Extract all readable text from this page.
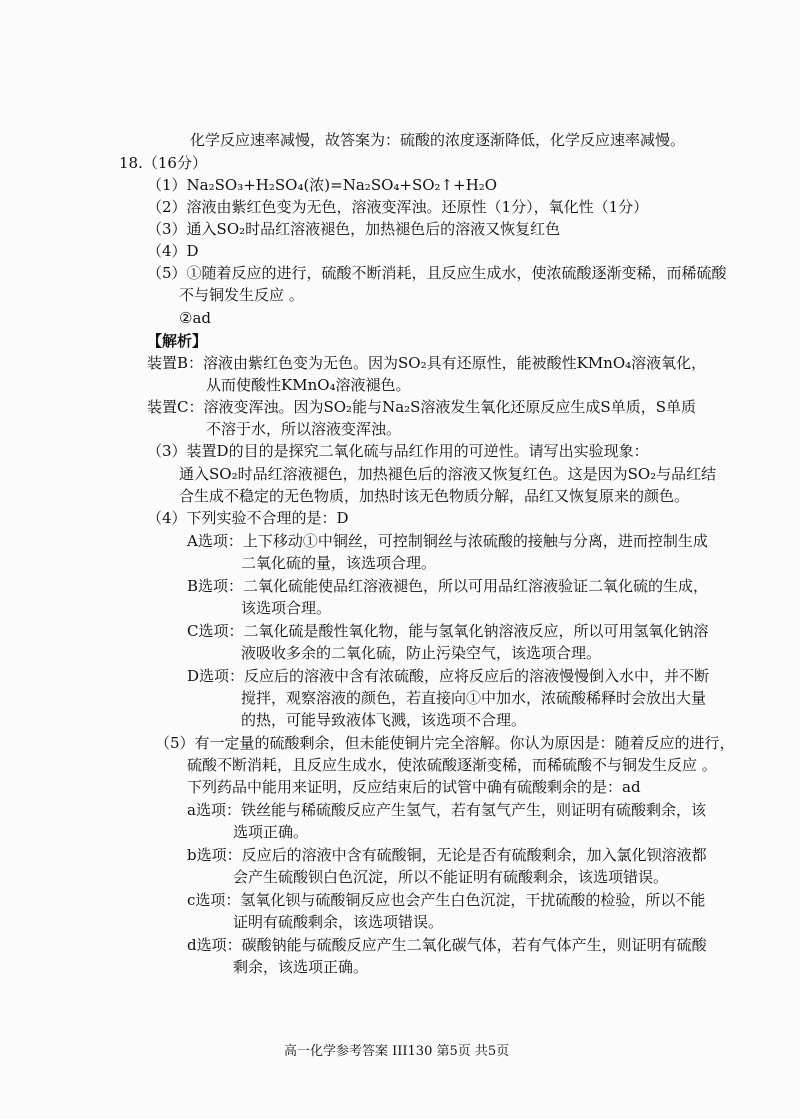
化学反应速率减慢，故答案为：硫酸的浓度逐渐降低，化学反应速率减慢。
18.（16分）
（1）Na₂SO₃+H₂SO₄(浓)=Na₂SO₄+SO₂↑+H₂O
（2）溶液由紫红色变为无色，溶液变浑浊。还原性（1分），氧化性（1分）
（3）通入SO₂时品红溶液褪色，加热褪色后的溶液又恢复红色
（4）D
（5）①随着反应的进行，硫酸不断消耗，且反应生成水，使浓硫酸逐渐变稀，而稀硫酸
不与铜发生反应 。
②ad
【解析】
装置B：溶液由紫红色变为无色。因为SO₂具有还原性，能被酸性KMnO₄溶液氧化，
从而使酸性KMnO₄溶液褪色。
装置C：溶液变浑浊。因为SO₂能与Na₂S溶液发生氧化还原反应生成S单质，S单质
不溶于水，所以溶液变浑浊。
（3）装置D的目的是探究二氧化硫与品红作用的可逆性。请写出实验现象：
通入SO₂时品红溶液褪色，加热褪色后的溶液又恢复红色。这是因为SO₂与品红结
合生成不稳定的无色物质，加热时该无色物质分解，品红又恢复原来的颜色。
（4）下列实验不合理的是：D
A选项：上下移动①中铜丝，可控制铜丝与浓硫酸的接触与分离，进而控制生成
二氧化硫的量，该选项合理。
B选项：二氧化硫能使品红溶液褪色，所以可用品红溶液验证二氧化硫的生成，
该选项合理。
C选项：二氧化硫是酸性氧化物，能与氢氧化钠溶液反应，所以可用氢氧化钠溶
液吸收多余的二氧化硫，防止污染空气，该选项合理。
D选项：反应后的溶液中含有浓硫酸，应将反应后的溶液慢慢倒入水中，并不断
搅拌，观察溶液的颜色，若直接向①中加水，浓硫酸稀释时会放出大量
的热，可能导致液体飞溅，该选项不合理。
（5）有一定量的硫酸剩余，但未能使铜片完全溶解。你认为原因是：随着反应的进行，
硫酸不断消耗，且反应生成水，使浓硫酸逐渐变稀，而稀硫酸不与铜发生反应 。
下列药品中能用来证明，反应结束后的试管中确有硫酸剩余的是：ad
a选项：铁丝能与稀硫酸反应产生氢气，若有氢气产生，则证明有硫酸剩余，该
选项正确。
b选项：反应后的溶液中含有硫酸铜，无论是否有硫酸剩余，加入氯化钡溶液都
会产生硫酸钡白色沉淀，所以不能证明有硫酸剩余，该选项错误。
c选项：氢氧化钡与硫酸铜反应也会产生白色沉淀，干扰硫酸的检验，所以不能
证明有硫酸剩余，该选项错误。
d选项：碳酸钠能与硫酸反应产生二氧化碳气体，若有气体产生，则证明有硫酸
剩余，该选项正确。
高一化学参考答案 III130 第5页 共5页
